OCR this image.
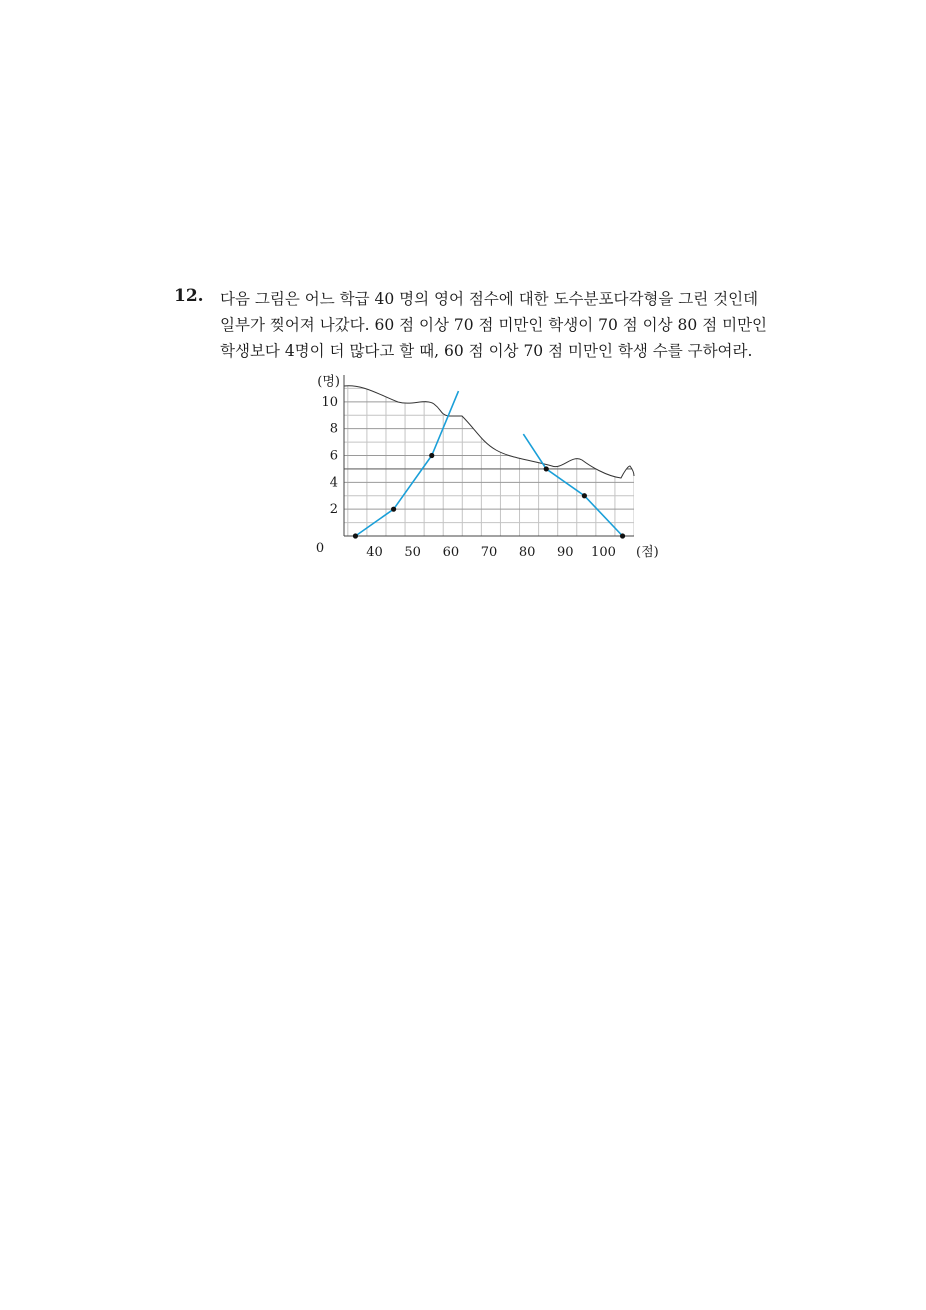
12. 다음 그림은 어느 학급 40 명의 영어 점수에 대한 도수분포다각형을 그린 것인데
일부가 찢어져 나갔다. 60 점 이상 70 점 미만인 학생이 70 점 이상 80 점 미만인
학생보다 4명이 더 많다고 할 때, 60 점 이상 70 점 미만인 학생 수를 구하여라.
40 50 60 70 80 90 100
2
4
6
8
10
0
(명)
(점)
